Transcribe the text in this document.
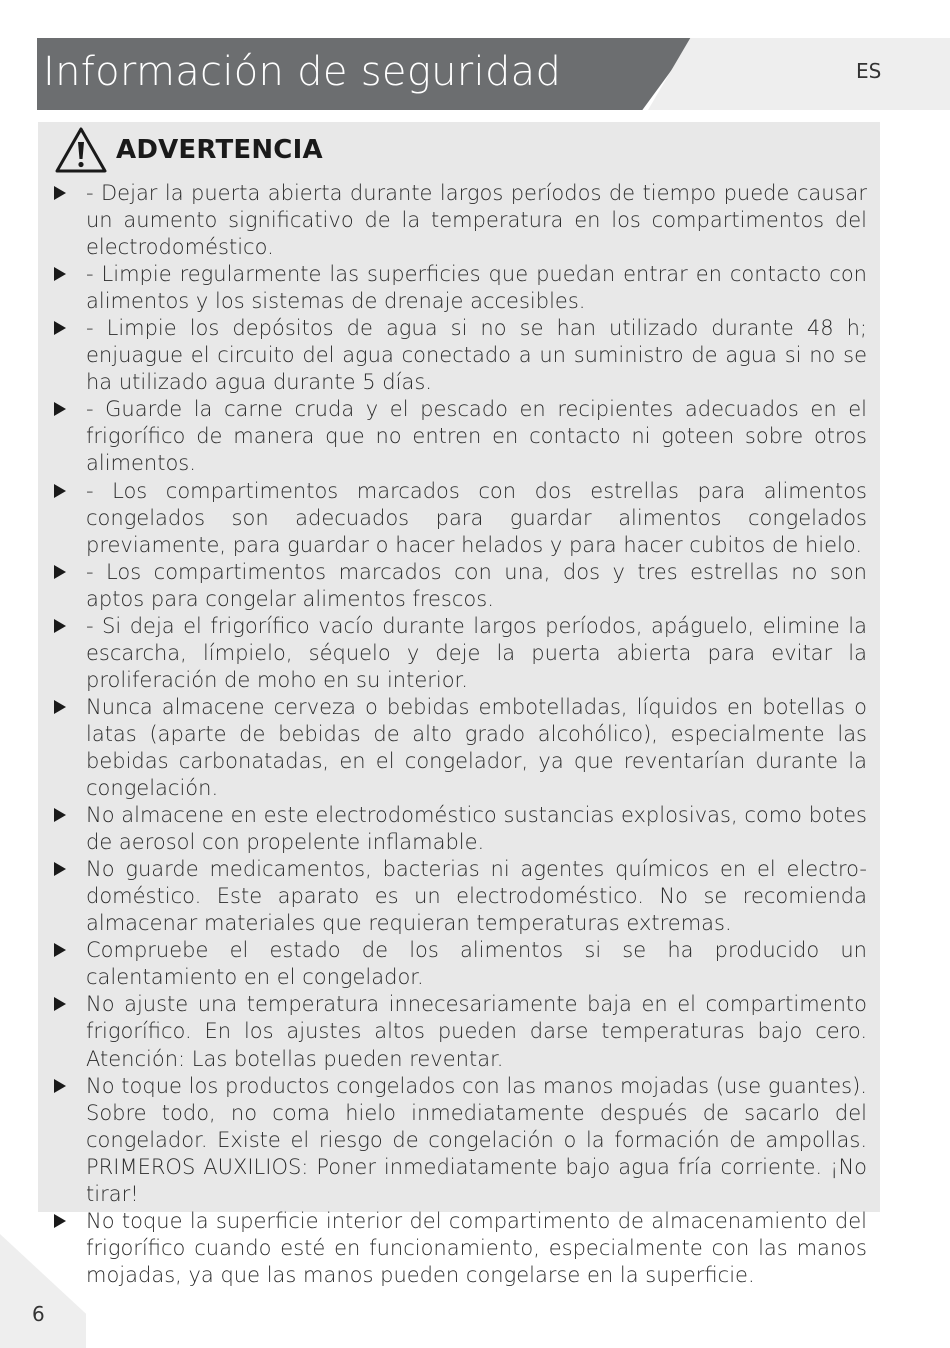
Información de seguridad	ES
ADVERTENCIA
- Dejar la puerta abierta durante largos períodos de tiempo puede causar un aumento significativo de la temperatura en los compartimentos del electrodoméstico.
- Limpie regularmente las superficies que puedan entrar en contacto con alimentos y los sistemas de drenaje accesibles.
- Limpie los depósitos de agua si no se han utilizado durante 48 h; enjuague el circuito del agua conectado a un suministro de agua si no se ha utilizado agua durante 5 días.
- Guarde la carne cruda y el pescado en recipientes adecuados en el frigorífico de manera que no entren en contacto ni goteen sobre otros alimentos.
- Los compartimentos marcados con dos estrellas para alimentos congelados son adecuados para guardar alimentos congelados previamente, para guardar o hacer helados y para hacer cubitos de hielo.
- Los compartimentos marcados con una, dos y tres estrellas no son aptos para congelar alimentos frescos.
- Si deja el frigorífico vacío durante largos períodos, apáguelo, elimine la escarcha, límpielo, séquelo y deje la puerta abierta para evitar la proliferación de moho en su interior.
Nunca almacene cerveza o bebidas embotelladas, líquidos en botellas o latas (aparte de bebidas de alto grado alcohólico), especialmente las bebidas carbonatadas, en el congelador, ya que reventarían durante la congelación.
No almacene en este electrodoméstico sustancias explosivas, como botes de aerosol con propelente inflamable.
No guarde medicamentos, bacterias ni agentes químicos en el electro- doméstico. Este aparato es un electrodoméstico. No se recomienda almacenar materiales que requieran temperaturas extremas.
Compruebe el estado de los alimentos si se ha producido un calentamiento en el congelador.
No ajuste una temperatura innecesariamente baja en el compartimento frigorífico. En los ajustes altos pueden darse temperaturas bajo cero. Atención: Las botellas pueden reventar.
No toque los productos congelados con las manos mojadas (use guantes). Sobre todo, no coma hielo inmediatamente después de sacarlo del congelador. Existe el riesgo de congelación o la formación de ampollas. PRIMEROS AUXILIOS: Poner inmediatamente bajo agua fría corriente. ¡No tirar!
No toque la superficie interior del compartimento de almacenamiento del frigorífico cuando esté en funcionamiento, especialmente con las manos mojadas, ya que las manos pueden congelarse en la superficie.
6
